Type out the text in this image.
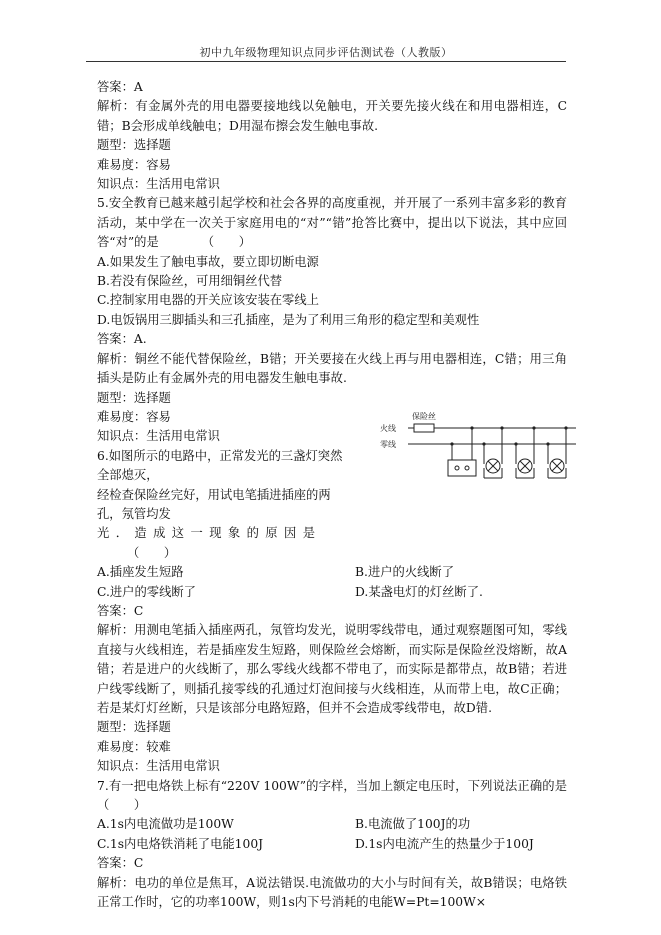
初中九年级物理知识点同步评估测试卷（人教版）

答案：A

解析：有金属外壳的用电器要接地线以免触电，开关要先接火线在和用电器相连，C错；B会形成单线触电；D用湿布擦会发生触电事故.

题型：选择题

难易度：容易

知识点：生活用电常识

5.安全教育已越来越引起学校和社会各界的高度重视，并开展了一系列丰富多彩的教育活动，某中学在一次关于家庭用电的“对”“错”抢答比赛中，提出以下说法，其中应回答“对”的是　　　　（　　）

A.如果发生了触电事故，要立即切断电源

B.若没有保险丝，可用细铜丝代替

C.控制家用电器的开关应该安装在零线上

D.电饭锅用三脚插头和三孔插座，是为了利用三角形的稳定型和美观性

答案：A.

解析：铜丝不能代替保险丝，B错；开关要接在火线上再与用电器相连，C错；用三角插头是防止有金属外壳的用电器发生触电事故.

题型：选择题

难易度：容易

知识点：生活用电常识

6.如图所示的电路中，正常发光的三盏灯突然

全部熄灭，

经检查保险丝完好，用试电笔插进插座的两

孔，氖管均发

光．造成这一现象的原因是

（　　）

A.插座发生短路	B.进户的火线断了
C.进户的零线断了	D.某盏电灯的灯丝断了.

答案：C

解析：用测电笔插入插座两孔，氖管均发光，说明零线带电，通过观察题图可知，零线直接与火线相连，若是插座发生短路，则保险丝会熔断，而实际是保险丝没熔断，故A错；若是进户的火线断了，那么零线火线都不带电了，而实际是都带点，故B错；若进户线零线断了，则插孔接零线的孔通过灯泡间接与火线相连，从而带上电，故C正确；若是某灯灯丝断，只是该部分电路短路，但并不会造成零线带电，故D错.

题型：选择题

难易度：较难

知识点：生活用电常识

7.有一把电烙铁上标有“220V 100W”的字样，当加上额定电压时，下列说法正确的是　　　（　　）

A.1s内电流做功是100W	B.电流做了100J的功
C.1s内电烙铁消耗了电能100J	D.1s内电流产生的热量少于100J

答案：C

解析：电功的单位是焦耳，A说法错误.电流做功的大小与时间有关，故B错误；电烙铁正常工作时，它的功率100W，则1s内下号消耗的电能W=Pt=100W×

保险丝
火线
零线
